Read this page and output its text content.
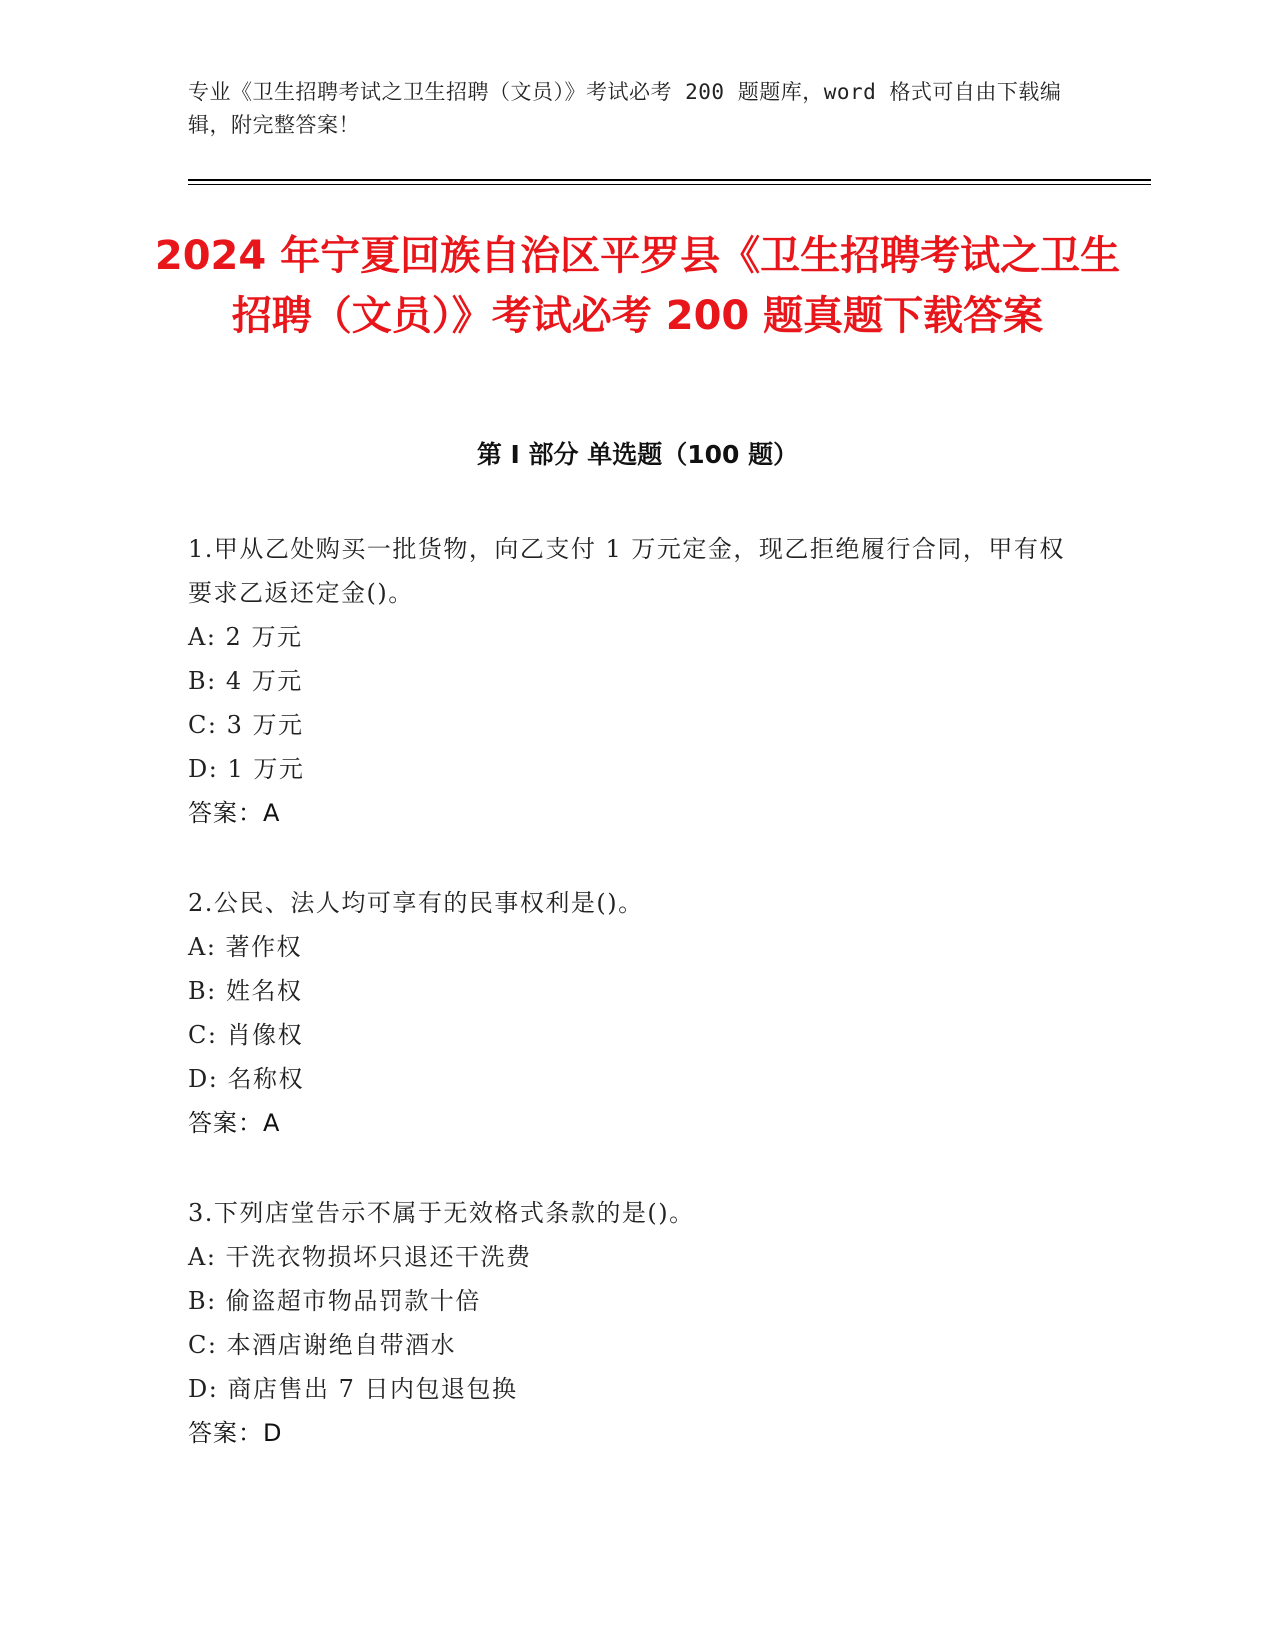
专业《卫生招聘考试之卫生招聘（文员）》考试必考 200 题题库，word 格式可自由下载编辑，附完整答案！
2024 年宁夏回族自治区平罗县《卫生招聘考试之卫生招聘（文员）》考试必考 200 题真题下载答案
第 I 部分 单选题（100 题）
1.甲从乙处购买一批货物，向乙支付 1 万元定金，现乙拒绝履行合同，甲有权要求乙返还定金()。
A: 2 万元
B: 4 万元
C: 3 万元
D: 1 万元
答案：A
2.公民、法人均可享有的民事权利是()。
A: 著作权
B: 姓名权
C: 肖像权
D: 名称权
答案：A
3.下列店堂告示不属于无效格式条款的是()。
A: 干洗衣物损坏只退还干洗费
B: 偷盗超市物品罚款十倍
C: 本酒店谢绝自带酒水
D: 商店售出 7 日内包退包换
答案：D
